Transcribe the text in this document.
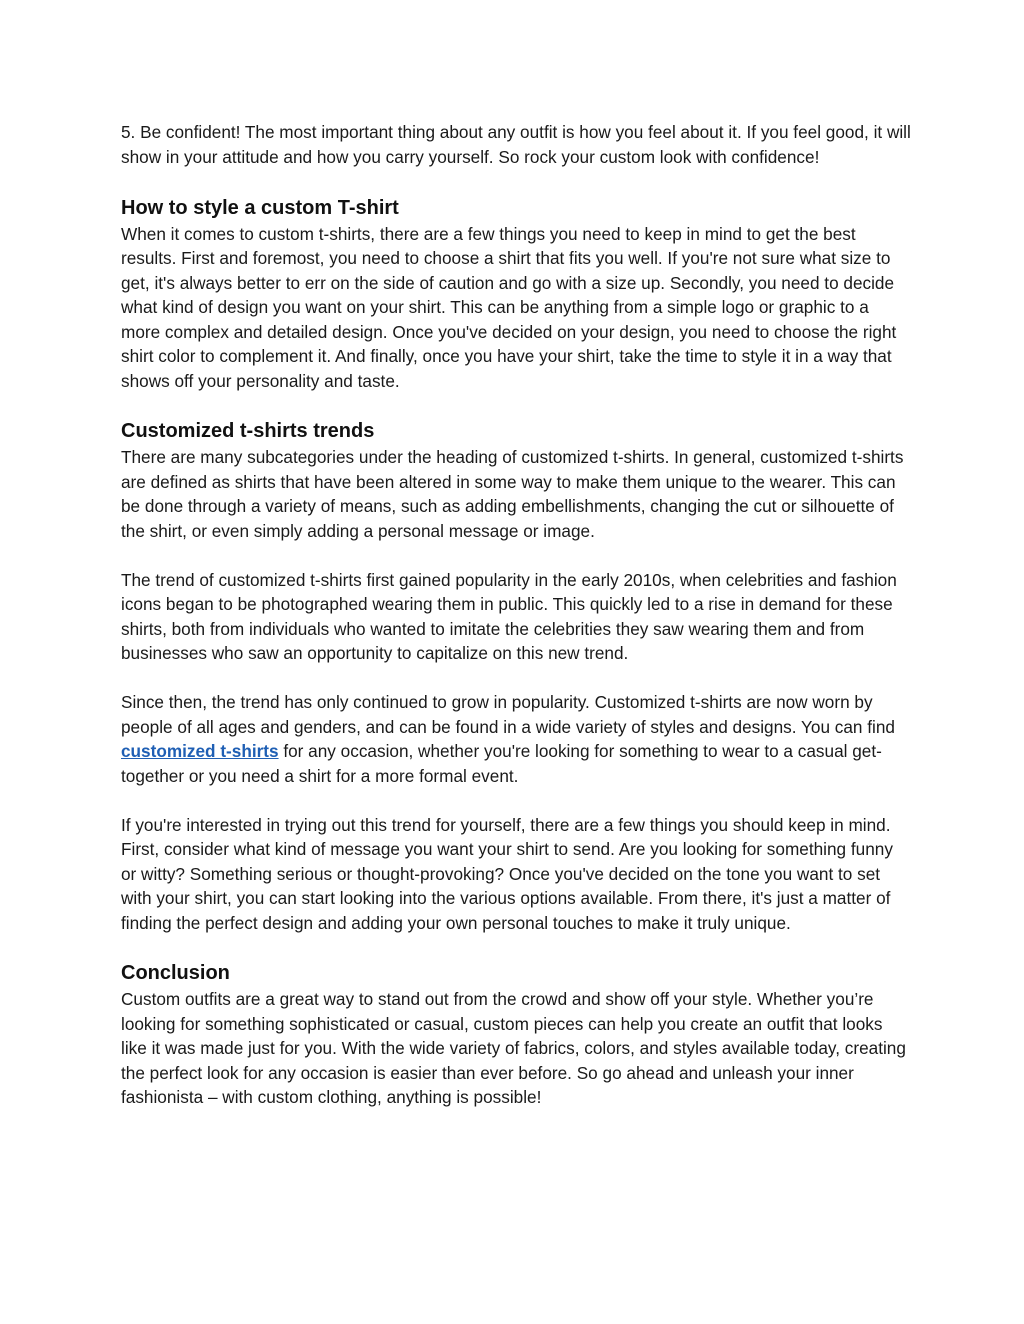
5. Be confident! The most important thing about any outfit is how you feel about it. If you feel good, it will show in your attitude and how you carry yourself. So rock your custom look with confidence!

How to style a custom T-shirt

When it comes to custom t-shirts, there are a few things you need to keep in mind to get the best results. First and foremost, you need to choose a shirt that fits you well. If you're not sure what size to get, it's always better to err on the side of caution and go with a size up. Secondly, you need to decide what kind of design you want on your shirt. This can be anything from a simple logo or graphic to a more complex and detailed design. Once you've decided on your design, you need to choose the right shirt color to complement it. And finally, once you have your shirt, take the time to style it in a way that shows off your personality and taste.

Customized t-shirts trends

There are many subcategories under the heading of customized t-shirts. In general, customized t-shirts are defined as shirts that have been altered in some way to make them unique to the wearer. This can be done through a variety of means, such as adding embellishments, changing the cut or silhouette of the shirt, or even simply adding a personal message or image.

The trend of customized t-shirts first gained popularity in the early 2010s, when celebrities and fashion icons began to be photographed wearing them in public. This quickly led to a rise in demand for these shirts, both from individuals who wanted to imitate the celebrities they saw wearing them and from businesses who saw an opportunity to capitalize on this new trend.

Since then, the trend has only continued to grow in popularity. Customized t-shirts are now worn by people of all ages and genders, and can be found in a wide variety of styles and designs. You can find customized t-shirts for any occasion, whether you're looking for something to wear to a casual get-together or you need a shirt for a more formal event.

If you're interested in trying out this trend for yourself, there are a few things you should keep in mind. First, consider what kind of message you want your shirt to send. Are you looking for something funny or witty? Something serious or thought-provoking? Once you've decided on the tone you want to set with your shirt, you can start looking into the various options available. From there, it's just a matter of finding the perfect design and adding your own personal touches to make it truly unique.

Conclusion

Custom outfits are a great way to stand out from the crowd and show off your style. Whether you’re looking for something sophisticated or casual, custom pieces can help you create an outfit that looks like it was made just for you. With the wide variety of fabrics, colors, and styles available today, creating the perfect look for any occasion is easier than ever before. So go ahead and unleash your inner fashionista – with custom clothing, anything is possible!
